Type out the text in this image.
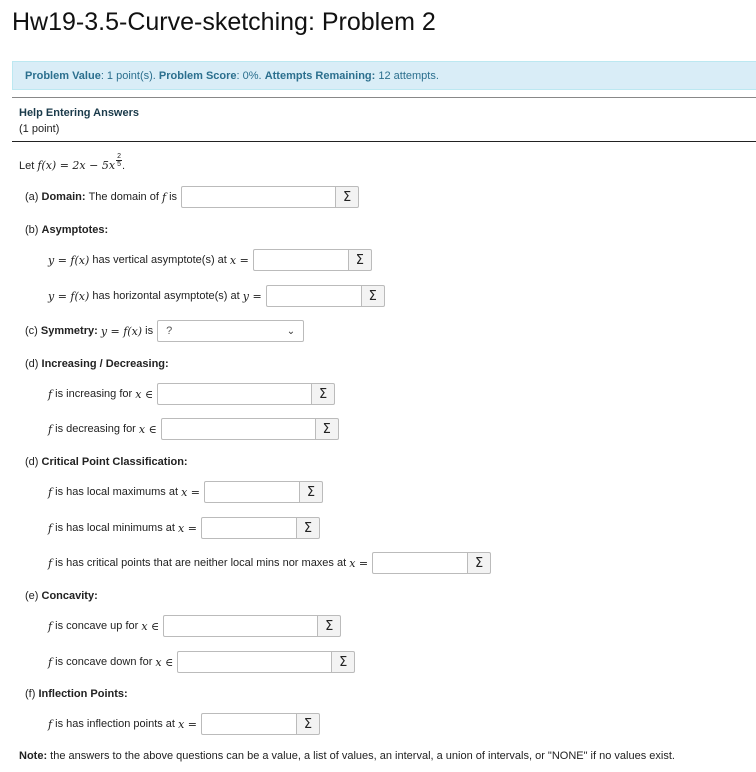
Hw19-3.5-Curve-sketching: Problem 2
Problem Value : 1 point(s).
Problem Score : 0%.
Attempts Remaining:
12 attempts.
Help Entering Answers
(1 point)
Let
f(x) = 2x − 5x
2
5 .
(a)
Domain:
The domain of
f
is	Σ
(b)
Asymptotes:
y = f(x)
has vertical asymptote(s) at
x =	Σ
y = f(x)
has horizontal asymptote(s) at
y =	Σ
(c)
Symmetry:
y = f(x)
is ?	⌄
(d)
Increasing / Decreasing:
f
is increasing for
x ∈	Σ
f
is decreasing for
x ∈	Σ
(d)
Critical Point Classification:
f
is has local maximums at
x =	Σ
f
is has local minimums at
x =	Σ
f
is has critical points that are neither local mins nor maxes at
x =	Σ
(e)
Concavity:
f
is concave up for
x ∈	Σ
f
is concave down for
x ∈	Σ
(f)
Inflection Points:
f
is has inflection points at
x =	Σ
Note: the answers to the above questions can be a value, a list of values, an interval, a union of intervals, or "NONE" if no values exist.
